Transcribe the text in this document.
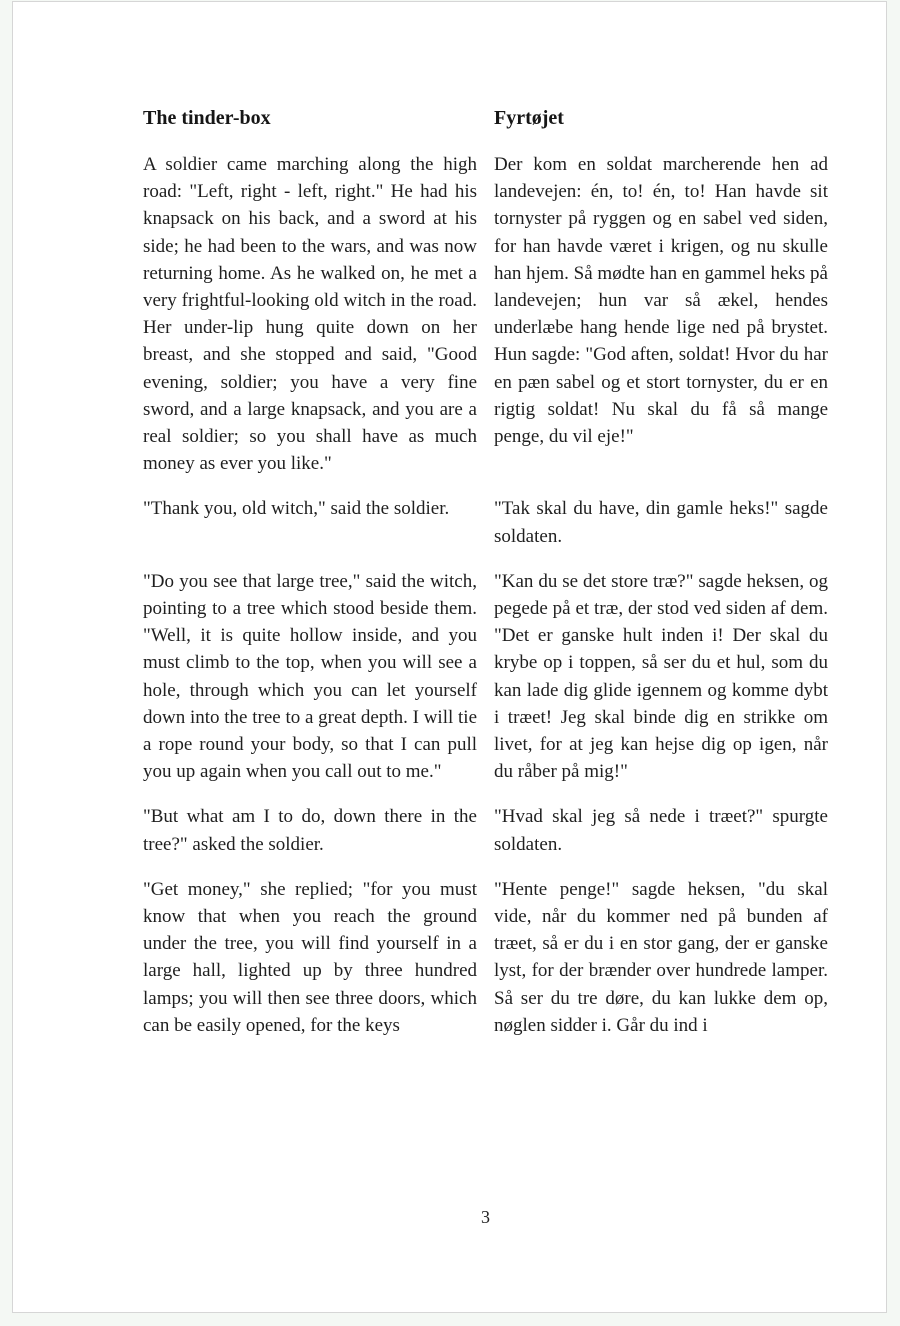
The tinder-box	Fyrtøjet

A soldier came marching along the high road: "Left, right - left, right." He had his knapsack on his back, and a sword at his side; he had been to the wars, and was now returning home. As he walked on, he met a very frightful-looking old witch in the road. Her under-lip hung quite down on her breast, and she stopped and said, "Good evening, soldier; you have a very fine sword, and a large knapsack, and you are a real soldier; so you shall have as much money as ever you like."

Der kom en soldat marcherende hen ad landevejen: én, to! én, to! Han havde sit tornyster på ryggen og en sabel ved siden, for han havde været i krigen, og nu skulle han hjem. Så mødte han en gammel heks på landevejen; hun var så ækel, hendes underlæbe hang hende lige ned på brystet. Hun sagde: "God aften, soldat! Hvor du har en pæn sabel og et stort tornyster, du er en rigtig soldat! Nu skal du få så mange penge, du vil eje!"

"Thank you, old witch," said the soldier.	"Tak skal du have, din gamle heks!" sagde soldaten.

"Do you see that large tree," said the witch, pointing to a tree which stood beside them. "Well, it is quite hollow inside, and you must climb to the top, when you will see a hole, through which you can let yourself down into the tree to a great depth. I will tie a rope round your body, so that I can pull you up again when you call out to me."

"Kan du se det store træ?" sagde heksen, og pegede på et træ, der stod ved siden af dem. "Det er ganske hult inden i! Der skal du krybe op i toppen, så ser du et hul, som du kan lade dig glide igennem og komme dybt i træet! Jeg skal binde dig en strikke om livet, for at jeg kan hejse dig op igen, når du råber på mig!"

"But what am I to do, down there in the tree?" asked the soldier.

"Hvad skal jeg så nede i træet?" spurgte soldaten.

"Get money," she replied; "for you must know that when you reach the ground under the tree, you will find yourself in a large hall, lighted up by three hundred lamps; you will then see three doors, which can be easily opened, for the keys

"Hente penge!" sagde heksen, "du skal vide, når du kommer ned på bunden af træet, så er du i en stor gang, der er ganske lyst, for der brænder over hundrede lamper. Så ser du tre døre, du kan lukke dem op, nøglen sidder i. Går du ind i

3
